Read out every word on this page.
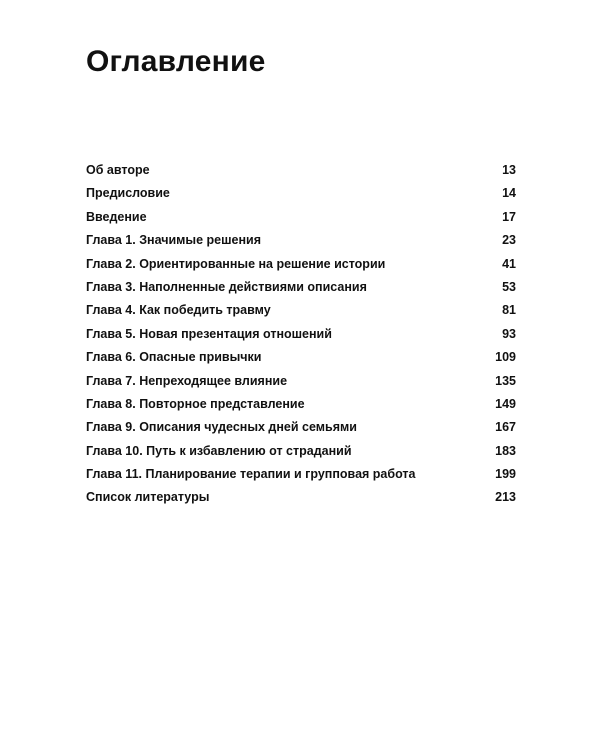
Оглавление
Об авторе	13
Предисловие	14
Введение	17
Глава 1. Значимые решения	23
Глава 2. Ориентированные на решение истории	41
Глава 3. Наполненные действиями описания	53
Глава 4. Как победить травму	81
Глава 5. Новая презентация отношений	93
Глава 6. Опасные привычки	109
Глава 7. Непреходящее влияние	135
Глава 8. Повторное представление	149
Глава 9. Описания чудесных дней семьями	167
Глава 10. Путь к избавлению от страданий	183
Глава 11. Планирование терапии и групповая работа	199
Список литературы	213
